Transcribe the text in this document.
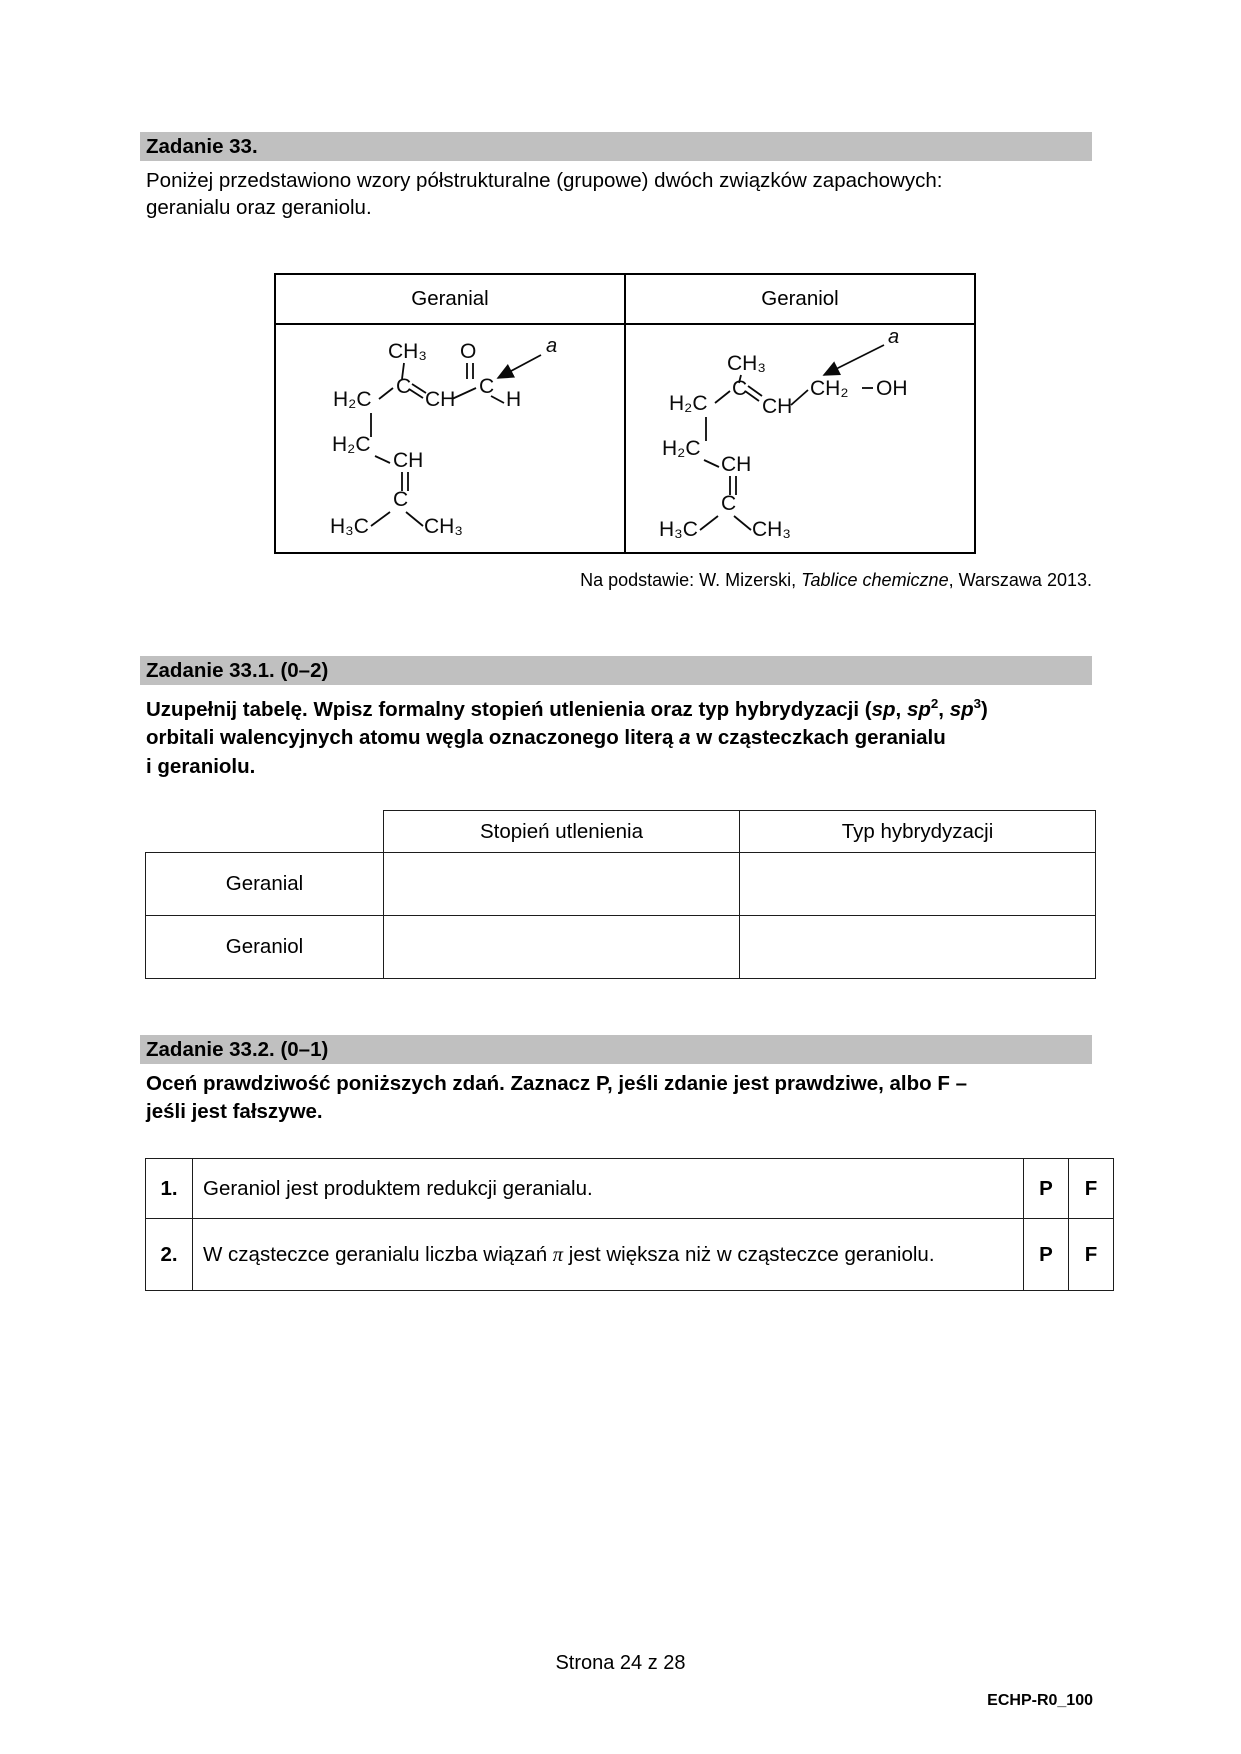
Zadanie 33.
Poniżej przedstawiono wzory półstrukturalne (grupowe) dwóch związków zapachowych:
geranialu oraz geraniolu.
Geranial	Geraniol

CH₃ O	a
C	C
H₂C	CH H
H₂C
CH
C
H₃C	CH₃

CH₃
a
C
H₂C	CH
CH₂ OH
H₂C
CH
C
H₃C	CH₃
Na podstawie: W. Mizerski, Tablice chemiczne, Warszawa 2013.
Zadanie 33.1. (0–2)
Uzupełnij tabelę. Wpisz formalny stopień utlenienia oraz typ hybrydyzacji (sp, $sp^2$, $sp^3$)
orbitali walencyjnych atomu węgla oznaczonego literą a w cząsteczkach geranialu
i geraniolu.
	Stopień utlenienia	Typ hybrydyzacji
Geranial		
Geraniol		
Zadanie 33.2. (0–1)
Oceń prawdziwość poniższych zdań. Zaznacz P, jeśli zdanie jest prawdziwe, albo F –
jeśli jest fałszywe.
1.	Geraniol jest produktem redukcji geranialu.	P	F
2.	W cząsteczce geranialu liczba wiązań π jest większa niż w cząsteczce geraniolu.	P	F
Strona 24 z 28
ECHP-R0_100
